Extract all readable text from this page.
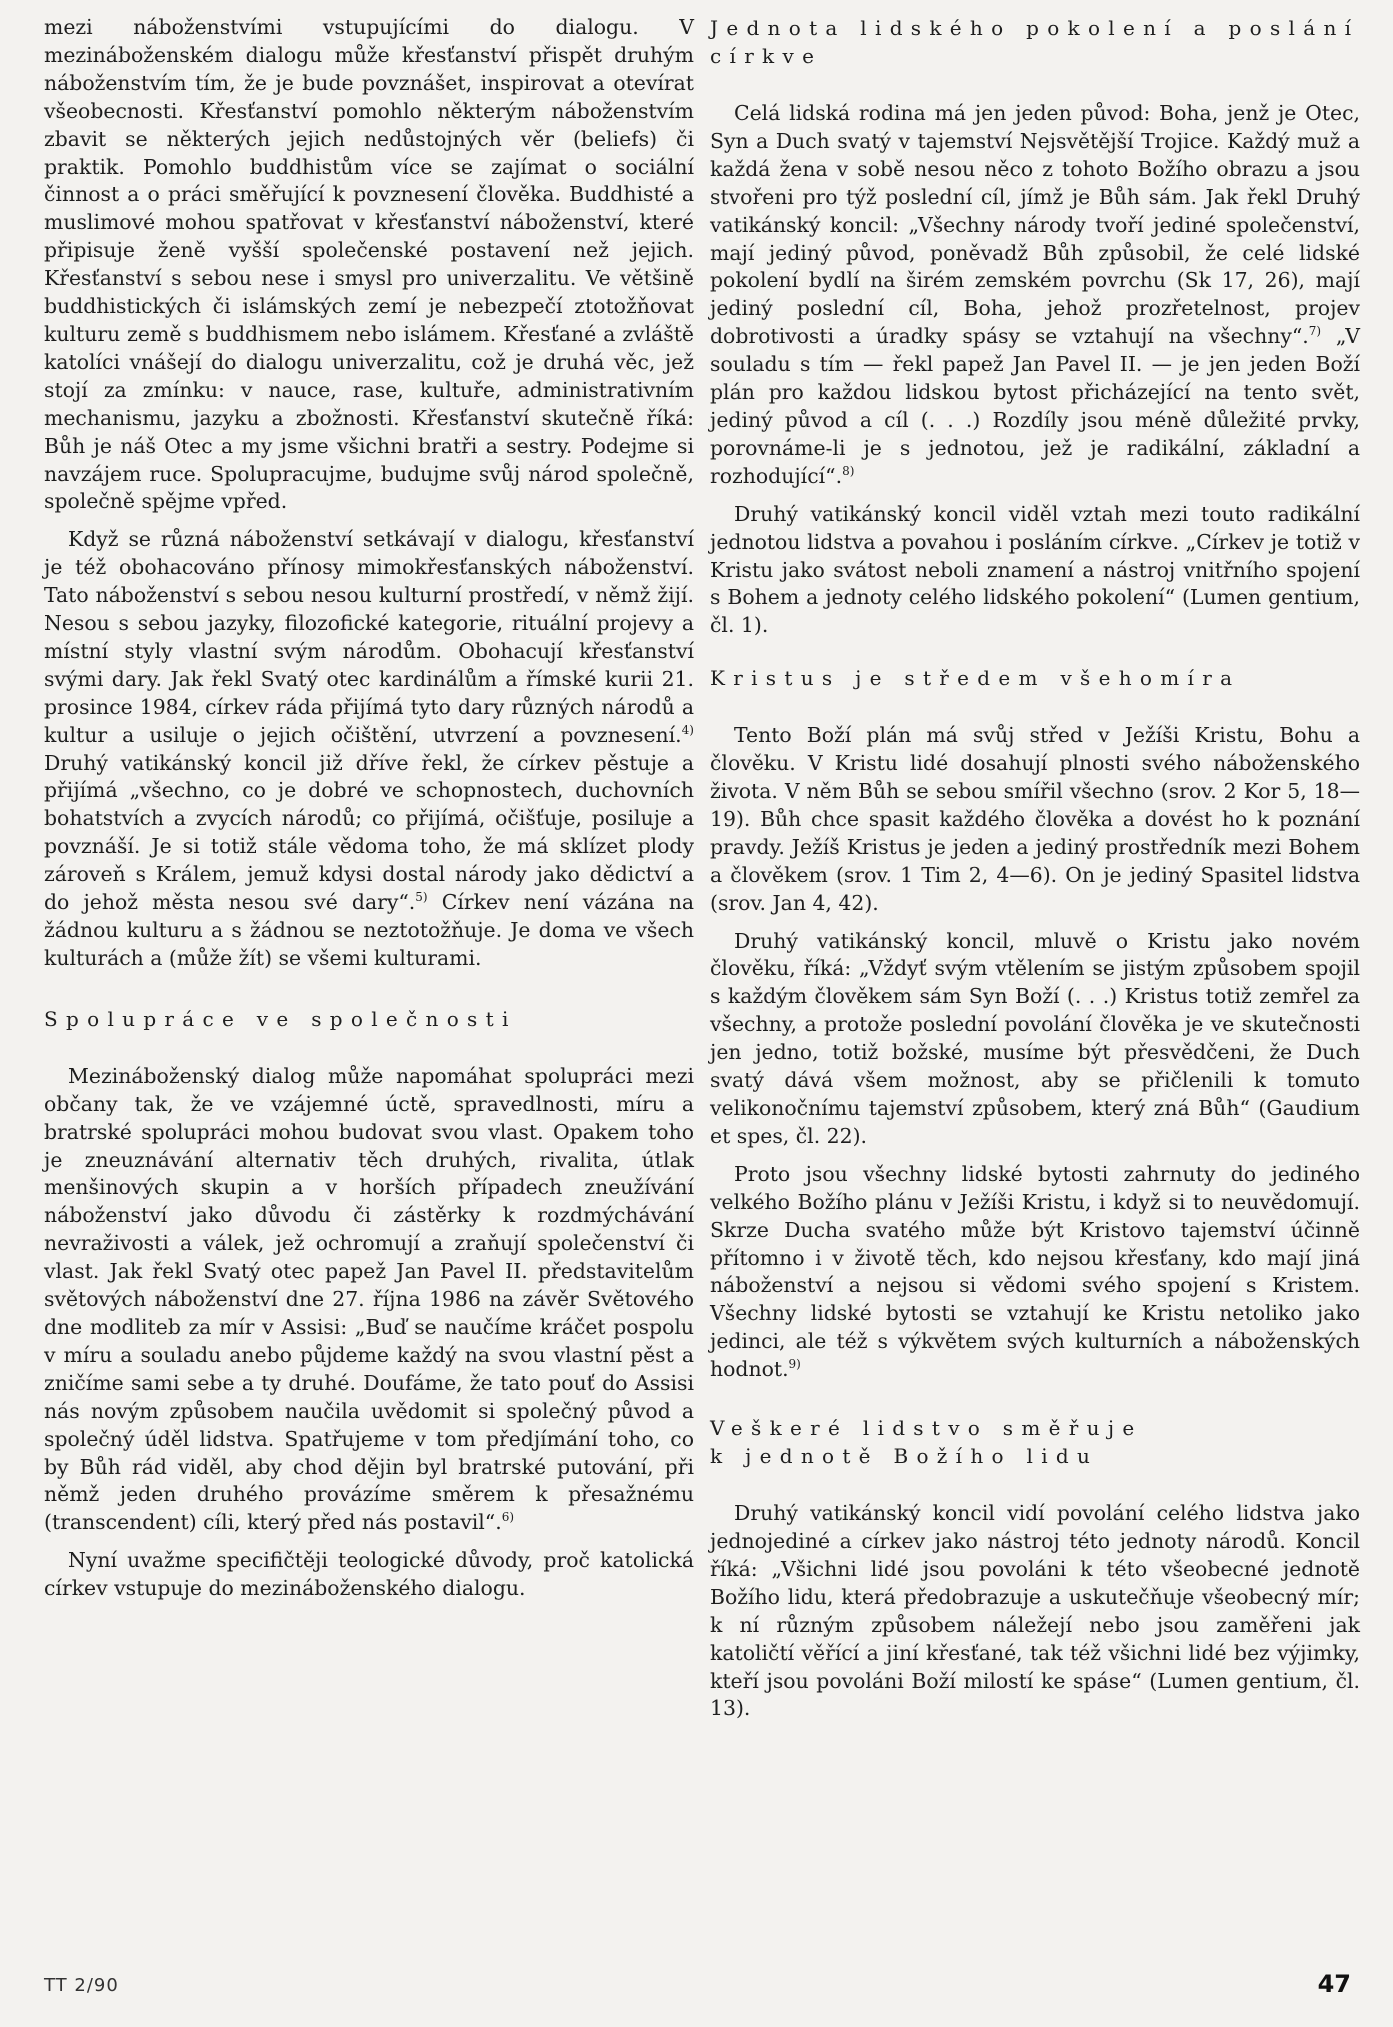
mezi náboženstvími vstupujícími do dialogu. V mezináboženském dialogu může křesťanství přispět druhým náboženstvím tím, že je bude povznášet, inspirovat a otevírat všeobecnosti. Křesťanství pomohlo některým náboženstvím zbavit se některých jejich nedůstojných věr (beliefs) či praktik. Pomohlo buddhistům více se zajímat o sociální činnost a o práci směřující k povznesení člověka. Buddhisté a muslimové mohou spatřovat v křesťanství náboženství, které připisuje ženě vyšší společenské postavení než jejich. Křesťanství s sebou nese i smysl pro univerzalitu. Ve většině buddhistických či islámských zemí je nebezpečí ztotožňovat kulturu země s buddhismem nebo islámem. Křesťané a zvláště katolíci vnášejí do dialogu univerzalitu, což je druhá věc, jež stojí za zmínku: v nauce, rase, kultuře, administrativním mechanismu, jazyku a zbožnosti. Křesťanství skutečně říká: Bůh je náš Otec a my jsme všichni bratři a sestry. Podejme si navzájem ruce. Spolupracujme, budujme svůj národ společně, společně spějme vpřed.

Když se různá náboženství setkávají v dialogu, křesťanství je též obohacováno přínosy mimokřesťanských náboženství. Tato náboženství s sebou nesou kulturní prostředí, v němž žijí. Nesou s sebou jazyky, filozofické kategorie, rituální projevy a místní styly vlastní svým národům. Obohacují křesťanství svými dary. Jak řekl Svatý otec kardinálům a římské kurii 21. prosince 1984, církev ráda přijímá tyto dary různých národů a kultur a usiluje o jejich očištění, utvrzení a povznesení.$^{4)}$ Druhý vatikánský koncil již dříve řekl, že církev pěstuje a přijímá „všechno, co je dobré ve schopnostech, duchovních bohatstvích a zvycích národů; co přijímá, očišťuje, posiluje a povznáší. Je si totiž stále vědoma toho, že má sklízet plody zároveň s Králem, jemuž kdysi dostal národy jako dědictví a do jehož města nesou své dary“.$^{5)}$ Církev není vázána na žádnou kulturu a s žádnou se neztotožňuje. Je doma ve všech kulturách a (může žít) se všemi kulturami.

Spolupráce ve společnosti

Mezináboženský dialog může napomáhat spolupráci mezi občany tak, že ve vzájemné úctě, spravedlnosti, míru a bratrské spolupráci mohou budovat svou vlast. Opakem toho je zneuznávání alternativ těch druhých, rivalita, útlak menšinových skupin a v horších případech zneužívání náboženství jako důvodu či zástěrky k rozdmýchávání nevraživosti a válek, jež ochromují a zraňují společenství či vlast. Jak řekl Svatý otec papež Jan Pavel II. představitelům světových náboženství dne 27. října 1986 na závěr Světového dne modliteb za mír v Assisi: „Buď se naučíme kráčet pospolu v míru a souladu anebo půjdeme každý na svou vlastní pěst a zničíme sami sebe a ty druhé. Doufáme, že tato pouť do Assisi nás novým způsobem naučila uvědomit si společný původ a společný úděl lidstva. Spatřujeme v tom předjímání toho, co by Bůh rád viděl, aby chod dějin byl bratrské putování, při němž jeden druhého provázíme směrem k přesažnému (transcendent) cíli, který před nás postavil“.$^{6)}$

Nyní uvažme specifičtěji teologické důvody, proč katolická církev vstupuje do mezináboženského dialogu.

Jednota lidského pokolení a poslání církve

Celá lidská rodina má jen jeden původ: Boha, jenž je Otec, Syn a Duch svatý v tajemství Nejsvětější Trojice. Každý muž a každá žena v sobě nesou něco z tohoto Božího obrazu a jsou stvořeni pro týž poslední cíl, jímž je Bůh sám. Jak řekl Druhý vatikánský koncil: „Všechny národy tvoří jediné společenství, mají jediný původ, poněvadž Bůh způsobil, že celé lidské pokolení bydlí na širém zemském povrchu (Sk 17, 26), mají jediný poslední cíl, Boha, jehož prozřetelnost, projev dobrotivosti a úradky spásy se vztahují na všechny“.$^{7)}$ „V souladu s tím — řekl papež Jan Pavel II. — je jen jeden Boží plán pro každou lidskou bytost přicházející na tento svět, jediný původ a cíl (. . .) Rozdíly jsou méně důležité prvky, porovnáme-li je s jednotou, jež je radikální, základní a rozhodující“.$^{8)}$

Druhý vatikánský koncil viděl vztah mezi touto radikální jednotou lidstva a povahou i posláním církve. „Církev je totiž v Kristu jako svátost neboli znamení a nástroj vnitřního spojení s Bohem a jednoty celého lidského pokolení“ (Lumen gentium, čl. 1).

Kristus je středem všehomíra

Tento Boží plán má svůj střed v Ježíši Kristu, Bohu a člověku. V Kristu lidé dosahují plnosti svého náboženského života. V něm Bůh se sebou smířil všechno (srov. 2 Kor 5, 18—19). Bůh chce spasit každého člověka a dovést ho k poznání pravdy. Ježíš Kristus je jeden a jediný prostředník mezi Bohem a člověkem (srov. 1 Tim 2, 4—6). On je jediný Spasitel lidstva (srov. Jan 4, 42).

Druhý vatikánský koncil, mluvě o Kristu jako novém člověku, říká: „Vždyť svým vtělením se jistým způsobem spojil s každým člověkem sám Syn Boží (. . .) Kristus totiž zemřel za všechny, a protože poslední povolání člověka je ve skutečnosti jen jedno, totiž božské, musíme být přesvědčeni, že Duch svatý dává všem možnost, aby se přičlenili k tomuto velikonočnímu tajemství způsobem, který zná Bůh“ (Gaudium et spes, čl. 22).

Proto jsou všechny lidské bytosti zahrnuty do jediného velkého Božího plánu v Ježíši Kristu, i když si to neuvědomují. Skrze Ducha svatého může být Kristovo tajemství účinně přítomno i v životě těch, kdo nejsou křesťany, kdo mají jiná náboženství a nejsou si vědomi svého spojení s Kristem. Všechny lidské bytosti se vztahují ke Kristu netoliko jako jedinci, ale též s výkvětem svých kulturních a náboženských hodnot.$^{9)}$

Veškeré lidstvo směřuje
k jednotě Božího lidu

Druhý vatikánský koncil vidí povolání celého lidstva jako jednojediné a církev jako nástroj této jednoty národů. Koncil říká: „Všichni lidé jsou povoláni k této všeobecné jednotě Božího lidu, která předobrazuje a uskutečňuje všeobecný mír; k ní různým způsobem náležejí nebo jsou zaměřeni jak katoličtí věřící a jiní křesťané, tak též všichni lidé bez výjimky, kteří jsou povoláni Boží milostí ke spáse“ (Lumen gentium, čl. 13).

TT 2/90	47
